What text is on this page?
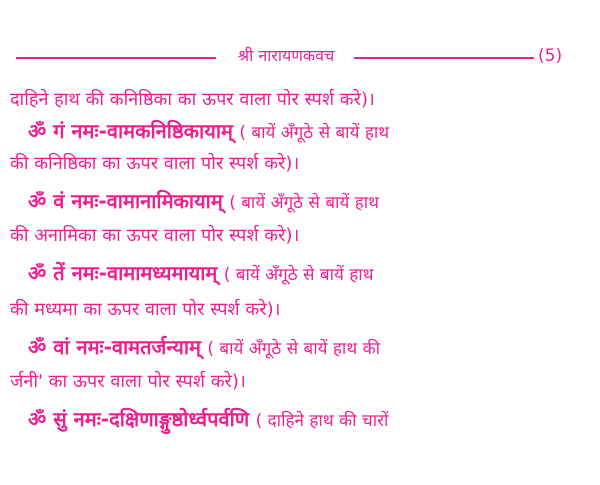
श्री नारायणकवच	(5)
दाहिने हाथ की कनिष्ठिका का ऊपर वाला पोर स्पर्श करे)।
ॐ गं नमः-वामकनिष्ठिकायाम् ( बायें अँगूठे से बायें हाथ
की कनिष्ठिका का ऊपर वाला पोर स्पर्श करे)।
ॐ वं नमः-वामानामिकायाम् ( बायें अँगूठे से बायें हाथ
की अनामिका का ऊपर वाला पोर स्पर्श करे)।
ॐ तें नमः-वामामध्यमायाम् ( बायें अँगूठे से बायें हाथ
की मध्यमा का ऊपर वाला पोर स्पर्श करे)।
ॐ वां नमः-वामतर्जन्याम् ( बायें अँगूठे से बायें हाथ की
र्जनी' का ऊपर वाला पोर स्पर्श करे)।
ॐ सुं नमः-दक्षिणाङ्गुष्ठोर्ध्वपर्वणि ( दाहिने हाथ की चारों
